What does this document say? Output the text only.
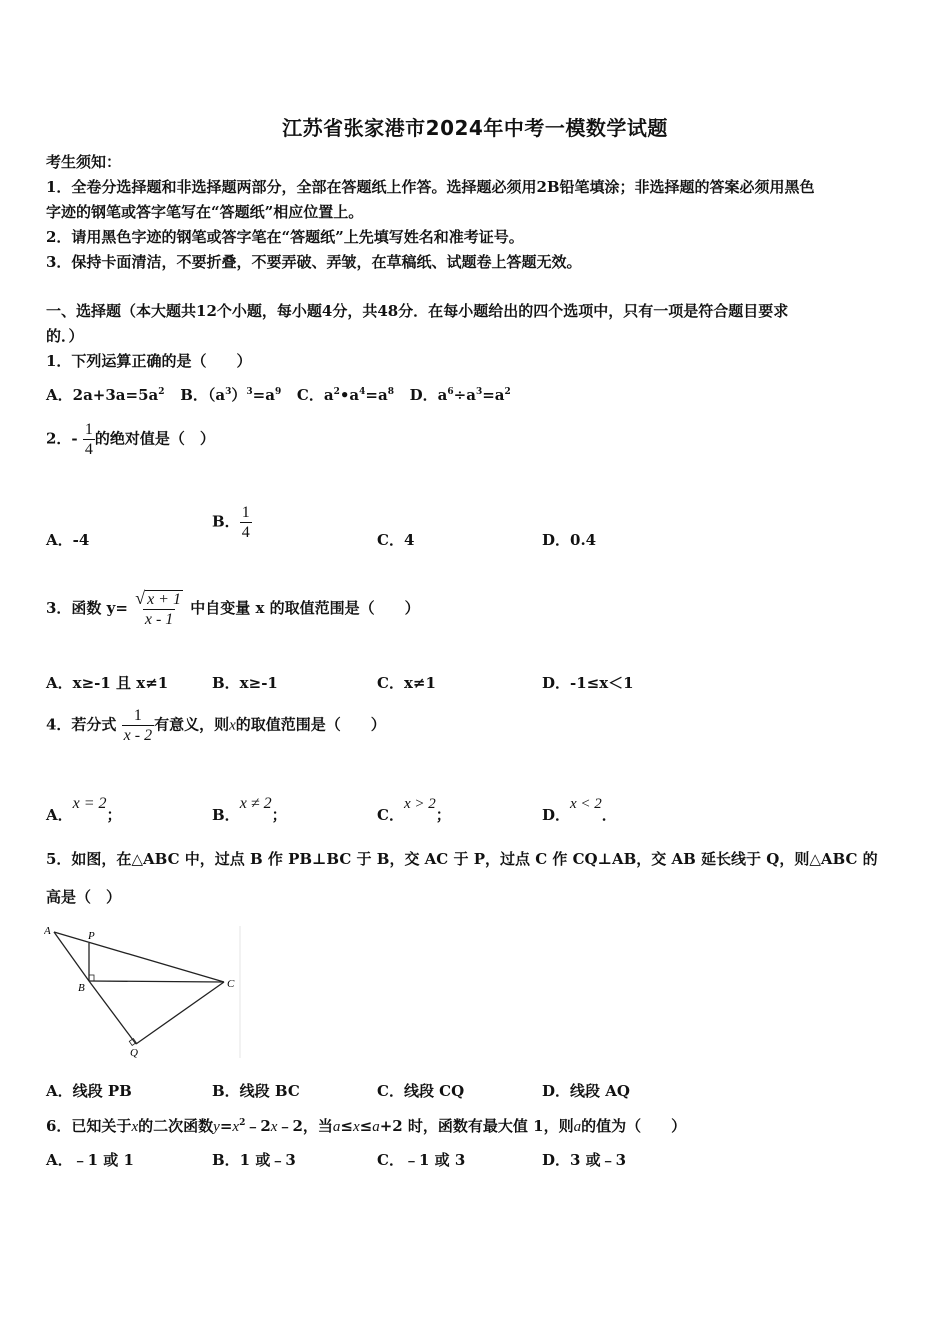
江苏省张家港市2024年中考一模数学试题
考生须知：
1．全卷分选择题和非选择题两部分，全部在答题纸上作答。选择题必须用2B铅笔填涂；非选择题的答案必须用黑色
字迹的钢笔或答字笔写在“答题纸”相应位置上。
2．请用黑色字迹的钢笔或答字笔在“答题纸”上先填写姓名和准考证号。
3．保持卡面清洁，不要折叠，不要弄破、弄皱，在草稿纸、试题卷上答题无效。
一、选择题（本大题共12个小题，每小题4分，共48分．在每小题给出的四个选项中，只有一项是符合题目要求
的．）
1．下列运算正确的是（　　）
A．$2a+3a=5a^2$ B．$(a^3)^3=a^9$ C．$a^2•a^4=a^8$ D．$a^6\div a^3=a^2$
2．- $\frac{1}{4}$ 的绝对值是（　）
A．-4
B． $\frac{1}{4}$	C．4	D．0.4
3．函数 $y= \frac{√ x + 1}{x - 1}$ 中自变量 x 的取值范围是（　　）
A．x≥-1 且 x≠1	B．x≥-1	C．x≠1	D．-1≤x＜1
4．若分式 $\frac{1}{x - 2}$ 有意义，则x的取值范围是（　　）
A．x = 2；	B．x ≠ 2；	C．x > 2；	D．x < 2．
5．如图，在△ABC 中，过点 B 作 PB⊥BC 于 B，交 AC 于 P，过点 C 作 CQ⊥AB，交 AB 延长线于 Q，则△ABC 的
高是（　）
A	P
B	C
Q
A．线段 PB	B．线段 BC	C．线段 CQ	D．线段 AQ
6．已知关于x的二次函数$y=x^2﹣2x﹣2$，当a≤x≤a+2 时，函数有最大值 1，则a的值为（　　）
A．﹣1 或 1	B．1 或﹣3	C．﹣1 或 3	D．3 或﹣3
